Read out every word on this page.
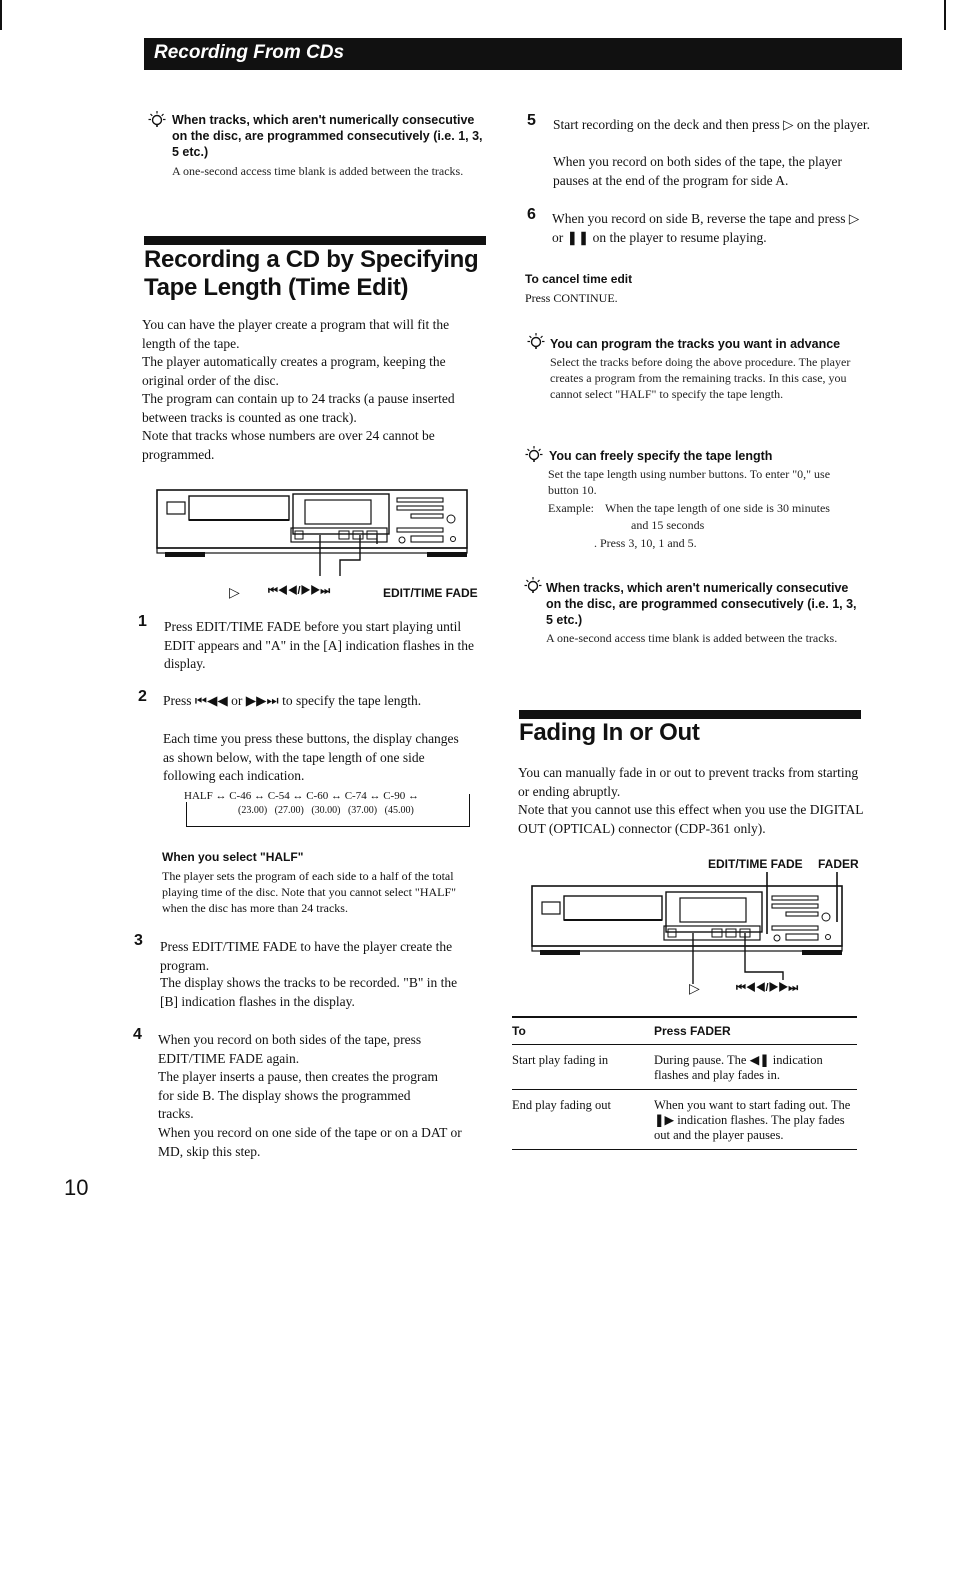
Recording From CDs
When tracks, which aren't numerically consecutive on the disc, are programmed consecutively (i.e. 1, 3, 5 etc.)
A one-second access time blank is added between the tracks.
Recording a CD by Specifying
Tape Length (Time Edit)
You can have the player create a program that will fit the length of the tape.
The player automatically creates a program, keeping the original order of the disc.
The program can contain up to 24 tracks (a pause inserted between tracks is counted as one track).
Note that tracks whose numbers are over 24 cannot be programmed.
▷	⏮◀◀/▶▶⏭	EDIT/TIME FADE
1 Press EDIT/TIME FADE before you start playing until EDIT appears and "A" in the [A] indication flashes in the display.
2 Press ⏮◀◀ or ▶▶⏭ to specify the tape length.
Each time you press these buttons, the display changes as shown below, with the tape length of one side following each indication.
HALF ↔ C-46 ↔ C-54 ↔ C-60 ↔ C-74 ↔ C-90 ↔
(23.00)   (27.00)   (30.00)   (37.00)   (45.00)
When you select "HALF"
The player sets the program of each side to a half of the total playing time of the disc. Note that you cannot select "HALF" when the disc has more than 24 tracks.
3 Press EDIT/TIME FADE to have the player create the program.
The display shows the tracks to be recorded. "B" in the [B] indication flashes in the display.
4 When you record on both sides of the tape, press EDIT/TIME FADE again.
The player inserts a pause, then creates the program for side B. The display shows the programmed tracks.
When you record on one side of the tape or on a DAT or MD, skip this step.
10
5 Start recording on the deck and then press ▷ on the player.
When you record on both sides of the tape, the player pauses at the end of the program for side A.
6 When you record on side B, reverse the tape and press ▷ or ❚❚ on the player to resume playing.
To cancel time edit
Press CONTINUE.
You can program the tracks you want in advance
Select the tracks before doing the above procedure. The player creates a program from the remaining tracks. In this case, you cannot select "HALF" to specify the tape length.
You can freely specify the tape length
Set the tape length using number buttons. To enter "0," use button 10.
Example: When the tape length of one side is 30 minutes
and 15 seconds
. Press 3, 10, 1 and 5.
When tracks, which aren't numerically consecutive on the disc, are programmed consecutively (i.e. 1, 3, 5 etc.)
A one-second access time blank is added between the tracks.
Fading In or Out
You can manually fade in or out to prevent tracks from starting or ending abruptly.
Note that you cannot use this effect when you use the DIGITAL OUT (OPTICAL) connector (CDP-361 only).
EDIT/TIME FADE FADER
▷	⏮◀◀/▶▶⏭
To	Press FADER
Start play fading in	During pause. The ◀❚ indication flashes and play fades in.
End play fading out	When you want to start fading out. The ❚▶ indication flashes. The play fades out and the player pauses.
